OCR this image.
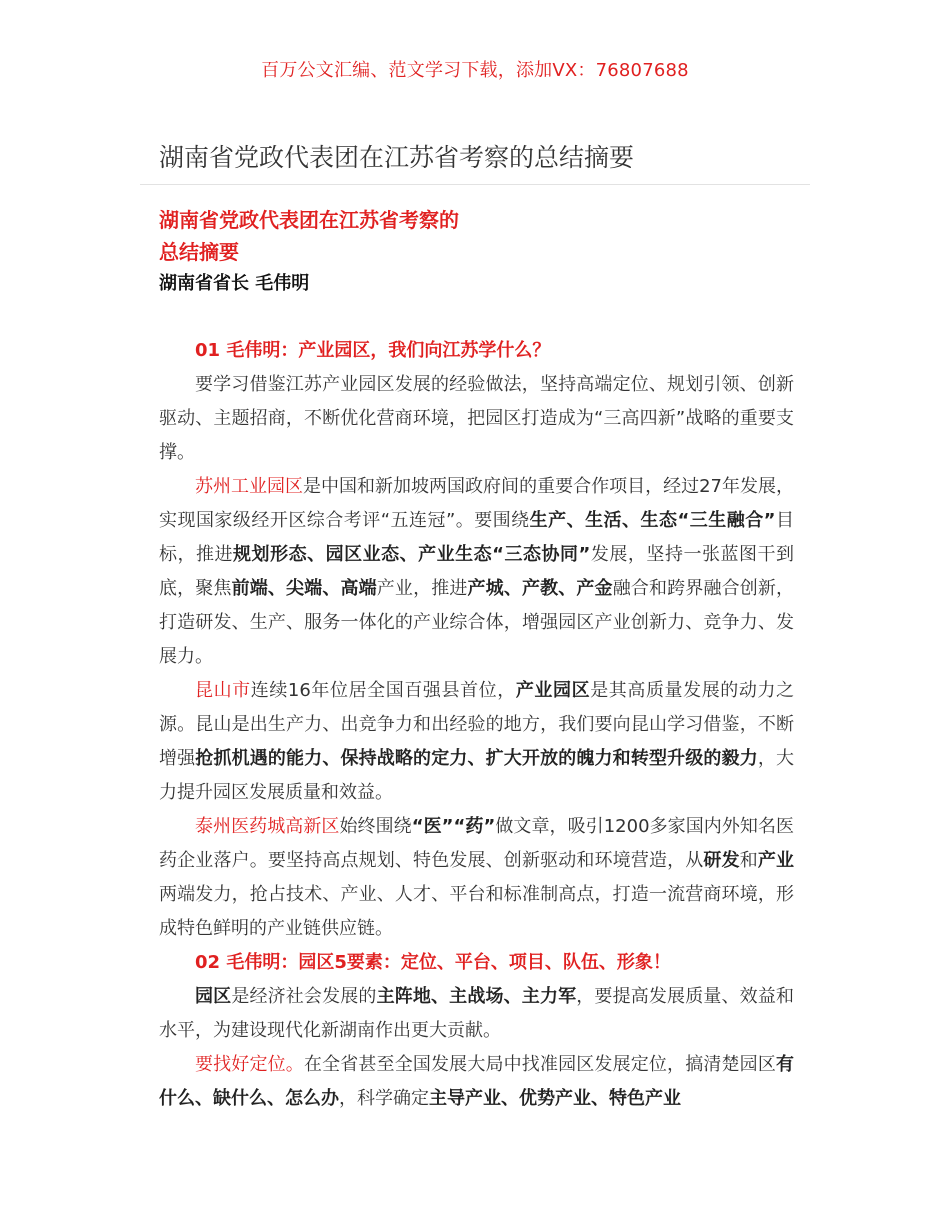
百万公文汇编、范文学习下载，添加VX：76807688
湖南省党政代表团在江苏省考察的总结摘要
湖南省党政代表团在江苏省考察的
总结摘要
湖南省省长 毛伟明

01 毛伟明：产业园区，我们向江苏学什么？

要学习借鉴江苏产业园区发展的经验做法，坚持高端定位、规划引领、创新驱动、主题招商，不断优化营商环境，把园区打造成为“三高四新”战略的重要支撑。

苏州工业园区是中国和新加坡两国政府间的重要合作项目，经过27年发展，实现国家级经开区综合考评“五连冠”。要围绕生产、生活、生态“三生融合”目标，推进规划形态、园区业态、产业生态“三态协同”发展，坚持一张蓝图干到底，聚焦前端、尖端、高端产业，推进产城、产教、产金融合和跨界融合创新，打造研发、生产、服务一体化的产业综合体，增强园区产业创新力、竞争力、发展力。

昆山市连续16年位居全国百强县首位，产业园区是其高质量发展的动力之源。昆山是出生产力、出竞争力和出经验的地方，我们要向昆山学习借鉴，不断增强抢抓机遇的能力、保持战略的定力、扩大开放的魄力和转型升级的毅力，大力提升园区发展质量和效益。

泰州医药城高新区始终围绕“医”“药”做文章，吸引1200多家国内外知名医药企业落户。要坚持高点规划、特色发展、创新驱动和环境营造，从研发和产业两端发力，抢占技术、产业、人才、平台和标准制高点，打造一流营商环境，形成特色鲜明的产业链供应链。

02 毛伟明：园区5要素：定位、平台、项目、队伍、形象！

园区是经济社会发展的主阵地、主战场、主力军，要提高发展质量、效益和水平，为建设现代化新湖南作出更大贡献。

要找好定位。在全省甚至全国发展大局中找准园区发展定位，搞清楚园区有什么、缺什么、怎么办，科学确定主导产业、优势产业、特色产业
